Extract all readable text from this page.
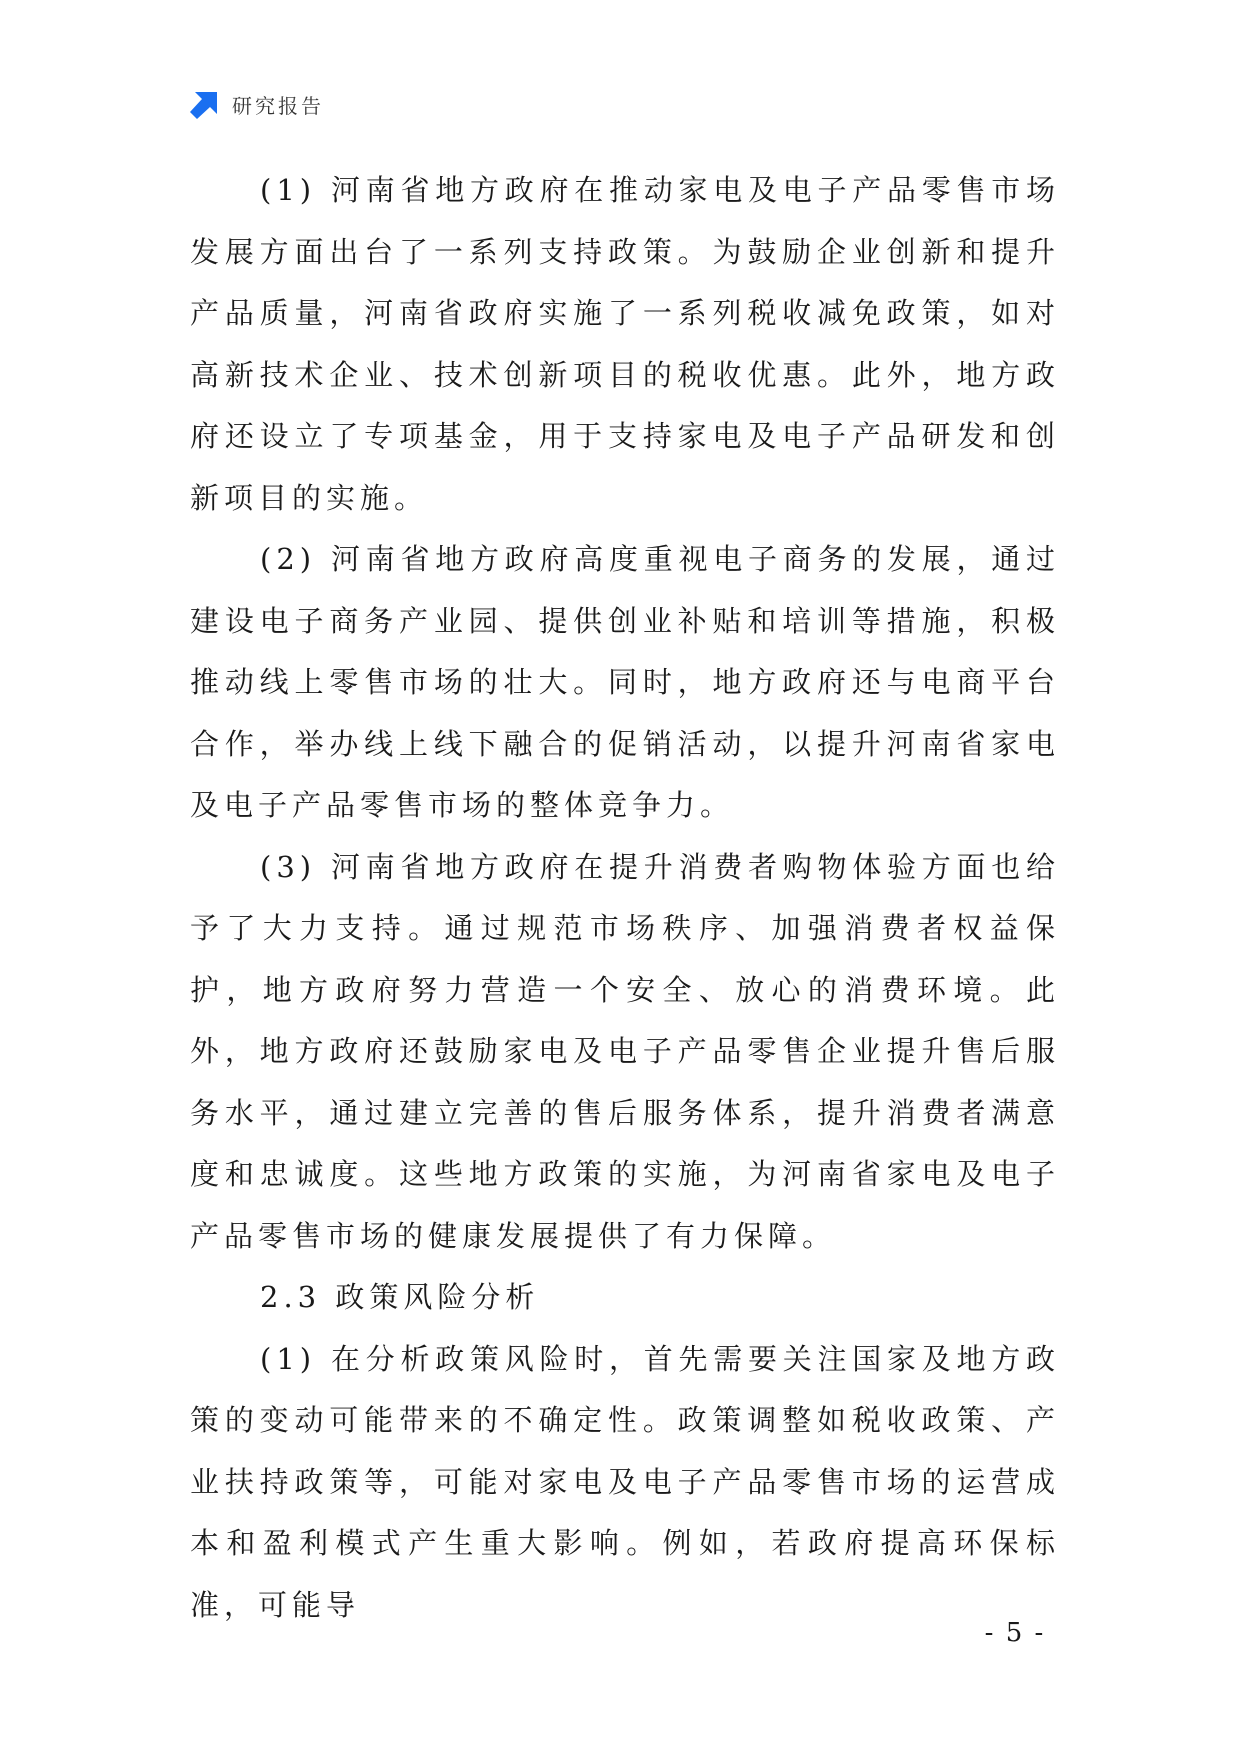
研究报告

(1) 河南省地方政府在推动家电及电子产品零售市场发展方面出台了一系列支持政策。为鼓励企业创新和提升产品质量，河南省政府实施了一系列税收减免政策，如对高新技术企业、技术创新项目的税收优惠。此外，地方政府还设立了专项基金，用于支持家电及电子产品研发和创新项目的实施。

(2) 河南省地方政府高度重视电子商务的发展，通过建设电子商务产业园、提供创业补贴和培训等措施，积极推动线上零售市场的壮大。同时，地方政府还与电商平台合作，举办线上线下融合的促销活动，以提升河南省家电及电子产品零售市场的整体竞争力。

(3) 河南省地方政府在提升消费者购物体验方面也给予了大力支持。通过规范市场秩序、加强消费者权益保护，地方政府努力营造一个安全、放心的消费环境。此外，地方政府还鼓励家电及电子产品零售企业提升售后服务水平，通过建立完善的售后服务体系，提升消费者满意度和忠诚度。这些地方政策的实施，为河南省家电及电子产品零售市场的健康发展提供了有力保障。

2.3 政策风险分析

(1) 在分析政策风险时，首先需要关注国家及地方政策的变动可能带来的不确定性。政策调整如税收政策、产业扶持政策等，可能对家电及电子产品零售市场的运营成本和盈利模式产生重大影响。例如，若政府提高环保标准，可能导

- 5 -
